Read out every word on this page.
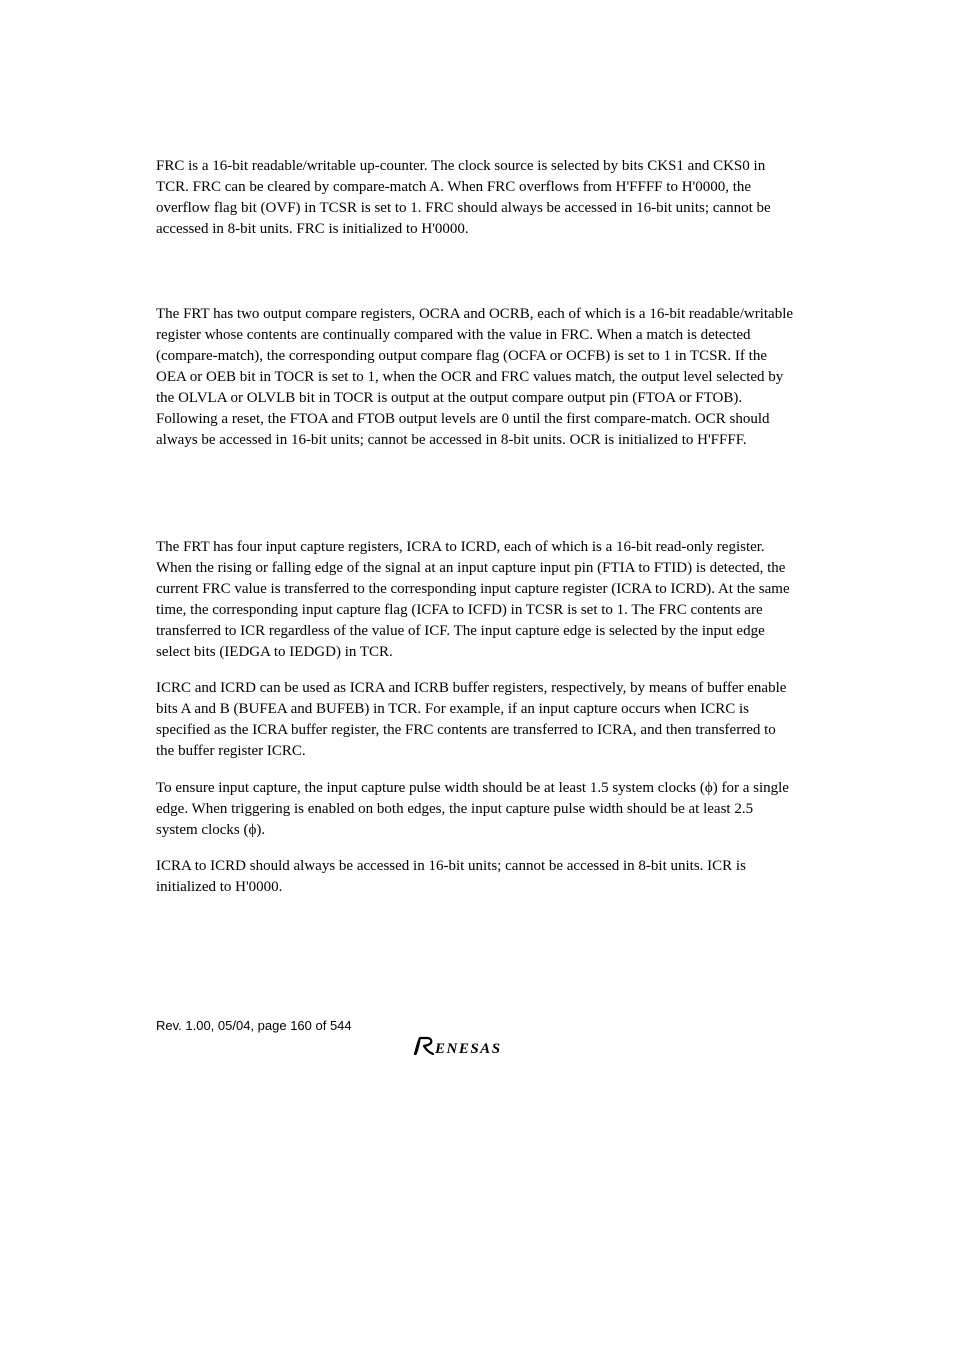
FRC is a 16-bit readable/writable up-counter. The clock source is selected by bits CKS1 and CKS0 in TCR. FRC can be cleared by compare-match A. When FRC overflows from H'FFFF to H'0000, the overflow flag bit (OVF) in TCSR is set to 1. FRC should always be accessed in 16-bit units; cannot be accessed in 8-bit units. FRC is initialized to H'0000.

The FRT has two output compare registers, OCRA and OCRB, each of which is a 16-bit readable/writable register whose contents are continually compared with the value in FRC. When a match is detected (compare-match), the corresponding output compare flag (OCFA or OCFB) is set to 1 in TCSR. If the OEA or OEB bit in TOCR is set to 1, when the OCR and FRC values match, the output level selected by the OLVLA or OLVLB bit in TOCR is output at the output compare output pin (FTOA or FTOB). Following a reset, the FTOA and FTOB output levels are 0 until the first compare-match. OCR should always be accessed in 16-bit units; cannot be accessed in 8-bit units. OCR is initialized to H'FFFF.

The FRT has four input capture registers, ICRA to ICRD, each of which is a 16-bit read-only register. When the rising or falling edge of the signal at an input capture input pin (FTIA to FTID) is detected, the current FRC value is transferred to the corresponding input capture register (ICRA to ICRD). At the same time, the corresponding input capture flag (ICFA to ICFD) in TCSR is set to 1. The FRC contents are transferred to ICR regardless of the value of ICF. The input capture edge is selected by the input edge select bits (IEDGA to IEDGD) in TCR.

ICRC and ICRD can be used as ICRA and ICRB buffer registers, respectively, by means of buffer enable bits A and B (BUFEA and BUFEB) in TCR. For example, if an input capture occurs when ICRC is specified as the ICRA buffer register, the FRC contents are transferred to ICRA, and then transferred to the buffer register ICRC.

To ensure input capture, the input capture pulse width should be at least 1.5 system clocks (ϕ) for a single edge. When triggering is enabled on both edges, the input capture pulse width should be at least 2.5 system clocks (ϕ).

ICRA to ICRD should always be accessed in 16-bit units; cannot be accessed in 8-bit units. ICR is initialized to H'0000.

Rev. 1.00, 05/04, page 160 of 544
ENESAS
